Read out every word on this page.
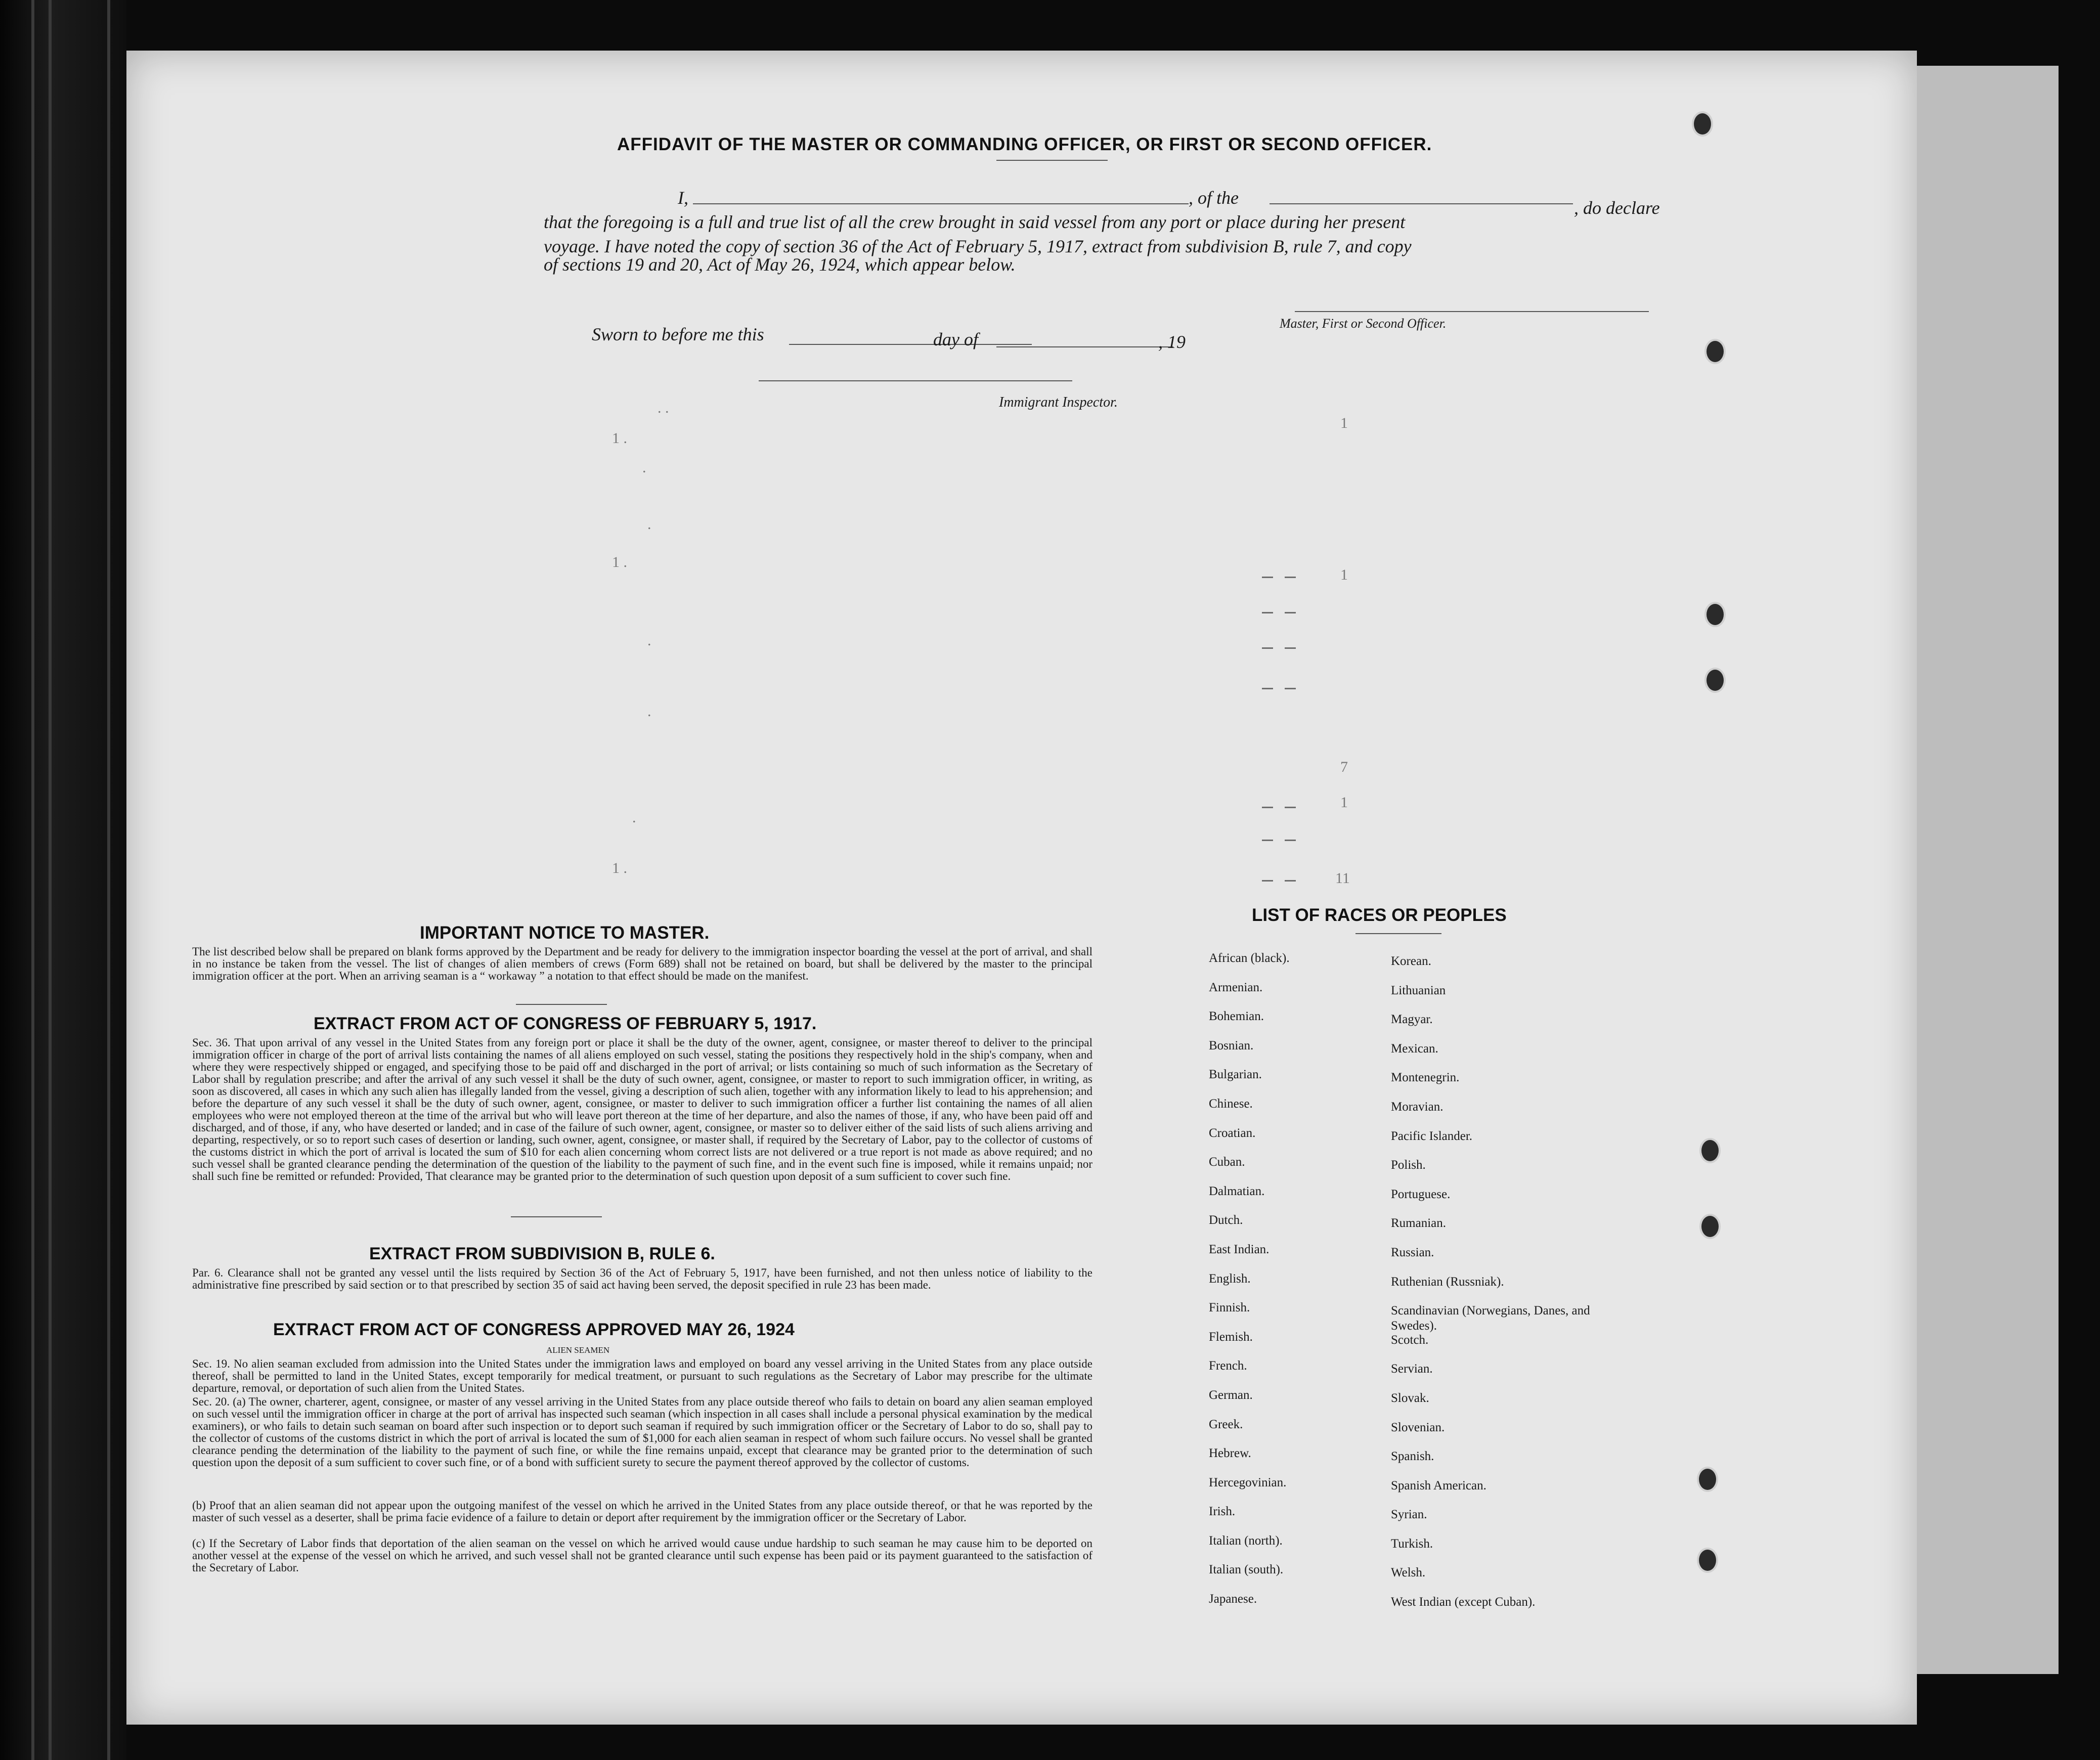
AFFIDAVIT OF THE MASTER OR COMMANDING OFFICER, OR FIRST OR SECOND OFFICER.
I,	, of the	, do declare
that the foregoing is a full and true list of all the crew brought in said vessel from any port or place during her present
voyage. I have noted the copy of section 36 of the Act of February 5, 1917, extract from subdivision B, rule 7, and copy
of sections 19 and 20, Act of May 26, 1924, which appear below.
Master, First or Second Officer.
Sworn to before me this	day of	, 19
Immigrant Inspector.
. .
1 .
.
.
1 .
.
.
.
1 .
1
1
7
1
11
IMPORTANT NOTICE TO MASTER.
The list described below shall be prepared on blank forms approved by the Department and be ready for delivery to the immigration inspector boarding the vessel at the port of arrival, and shall in no instance be taken from the vessel. The list of changes of alien members of crews (Form 689) shall not be retained on board, but shall be delivered by the master to the principal immigration officer at the port. When an arriving seaman is a “ workaway ” a notation to that effect should be made on the manifest.
EXTRACT FROM ACT OF CONGRESS OF FEBRUARY 5, 1917.
Sec. 36. That upon arrival of any vessel in the United States from any foreign port or place it shall be the duty of the owner, agent, consignee, or master thereof to deliver to the principal immigration officer in charge of the port of arrival lists containing the names of all aliens employed on such vessel, stating the positions they respectively hold in the ship's company, when and where they were respectively shipped or engaged, and specifying those to be paid off and discharged in the port of arrival; or lists containing so much of such information as the Secretary of Labor shall by regulation prescribe; and after the arrival of any such vessel it shall be the duty of such owner, agent, consignee, or master to report to such immigration officer, in writing, as soon as discovered, all cases in which any such alien has illegally landed from the vessel, giving a description of such alien, together with any information likely to lead to his apprehension; and before the departure of any such vessel it shall be the duty of such owner, agent, consignee, or master to deliver to such immigration officer a further list containing the names of all alien employees who were not employed thereon at the time of the arrival but who will leave port thereon at the time of her departure, and also the names of those, if any, who have been paid off and discharged, and of those, if any, who have deserted or landed; and in case of the failure of such owner, agent, consignee, or master so to deliver either of the said lists of such aliens arriving and departing, respectively, or so to report such cases of desertion or landing, such owner, agent, consignee, or master shall, if required by the Secretary of Labor, pay to the collector of customs of the customs district in which the port of arrival is located the sum of $10 for each alien concerning whom correct lists are not delivered or a true report is not made as above required; and no such vessel shall be granted clearance pending the determination of the question of the liability to the payment of such fine, and in the event such fine is imposed, while it remains unpaid; nor shall such fine be remitted or refunded: Provided, That clearance may be granted prior to the determination of such question upon deposit of a sum sufficient to cover such fine.
EXTRACT FROM SUBDIVISION B, RULE 6.
Par. 6. Clearance shall not be granted any vessel until the lists required by Section 36 of the Act of February 5, 1917, have been furnished, and not then unless notice of liability to the administrative fine prescribed by said section or to that prescribed by section 35 of said act having been served, the deposit specified in rule 23 has been made.
EXTRACT FROM ACT OF CONGRESS APPROVED MAY 26, 1924
ALIEN SEAMEN
Sec. 19. No alien seaman excluded from admission into the United States under the immigration laws and employed on board any vessel arriving in the United States from any place outside thereof, shall be permitted to land in the United States, except temporarily for medical treatment, or pursuant to such regulations as the Secretary of Labor may prescribe for the ultimate departure, removal, or deportation of such alien from the United States.
Sec. 20. (a) The owner, charterer, agent, consignee, or master of any vessel arriving in the United States from any place outside thereof who fails to detain on board any alien seaman employed on such vessel until the immigration officer in charge at the port of arrival has inspected such seaman (which inspection in all cases shall include a personal physical examination by the medical examiners), or who fails to detain such seaman on board after such inspection or to deport such seaman if required by such immigration officer or the Secretary of Labor to do so, shall pay to the collector of customs of the customs district in which the port of arrival is located the sum of $1,000 for each alien seaman in respect of whom such failure occurs. No vessel shall be granted clearance pending the determination of the liability to the payment of such fine, or while the fine remains unpaid, except that clearance may be granted prior to the determination of such question upon the deposit of a sum sufficient to cover such fine, or of a bond with sufficient surety to secure the payment thereof approved by the collector of customs.
(b) Proof that an alien seaman did not appear upon the outgoing manifest of the vessel on which he arrived in the United States from any place outside thereof, or that he was reported by the master of such vessel as a deserter, shall be prima facie evidence of a failure to detain or deport after requirement by the immigration officer or the Secretary of Labor.
(c) If the Secretary of Labor finds that deportation of the alien seaman on the vessel on which he arrived would cause undue hardship to such seaman he may cause him to be deported on another vessel at the expense of the vessel on which he arrived, and such vessel shall not be granted clearance until such expense has been paid or its payment guaranteed to the satisfaction of the Secretary of Labor.
LIST OF RACES OR PEOPLES
African (black).
Armenian.
Bohemian.
Bosnian.
Bulgarian.
Chinese.
Croatian.
Cuban.
Dalmatian.
Dutch.
East Indian.
English.
Finnish.
Flemish.
French.
German.
Greek.
Hebrew.
Hercegovinian.
Irish.
Italian (north).
Italian (south).
Japanese.
Korean.
Lithuanian
Magyar.
Mexican.
Montenegrin.
Moravian.
Pacific Islander.
Polish.
Portuguese.
Rumanian.
Russian.
Ruthenian (Russniak).
Scandinavian (Norwegians, Danes, and Swedes).
Scotch.
Servian.
Slovak.
Slovenian.
Spanish.
Spanish American.
Syrian.
Turkish.
Welsh.
West Indian (except Cuban).
